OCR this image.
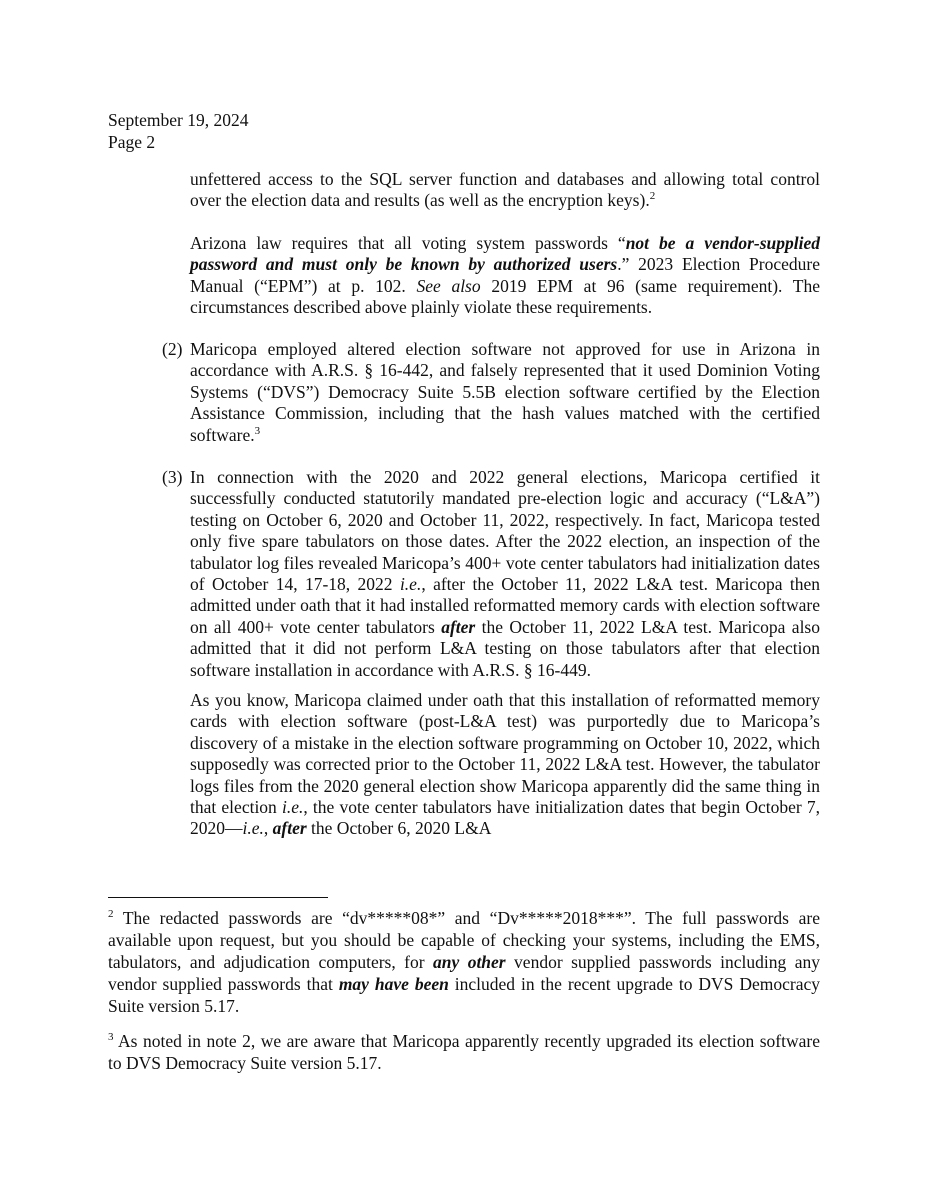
September 19, 2024
Page 2
unfettered access to the SQL server function and databases and allowing total control over the election data and results (as well as the encryption keys).$^2$
Arizona law requires that all voting system passwords “not be a vendor-supplied password and must only be known by authorized users.” 2023 Election Procedure Manual (“EPM”) at p. 102. See also 2019 EPM at 96 (same requirement). The circumstances described above plainly violate these requirements.
(2) Maricopa employed altered election software not approved for use in Arizona in accordance with A.R.S. § 16-442, and falsely represented that it used Dominion Voting Systems (“DVS”) Democracy Suite 5.5B election software certified by the Election Assistance Commission, including that the hash values matched with the certified software.$^3$
(3) In connection with the 2020 and 2022 general elections, Maricopa certified it successfully conducted statutorily mandated pre-election logic and accuracy (“L&A”) testing on October 6, 2020 and October 11, 2022, respectively. In fact, Maricopa tested only five spare tabulators on those dates. After the 2022 election, an inspection of the tabulator log files revealed Maricopa’s 400+ vote center tabulators had initialization dates of October 14, 17-18, 2022 i.e., after the October 11, 2022 L&A test. Maricopa then admitted under oath that it had installed reformatted memory cards with election software on all 400+ vote center tabulators after the October 11, 2022 L&A test. Maricopa also admitted that it did not perform L&A testing on those tabulators after that election software installation in accordance with A.R.S. § 16-449.
As you know, Maricopa claimed under oath that this installation of reformatted memory cards with election software (post-L&A test) was purportedly due to Maricopa’s discovery of a mistake in the election software programming on October 10, 2022, which supposedly was corrected prior to the October 11, 2022 L&A test. However, the tabulator logs files from the 2020 general election show Maricopa apparently did the same thing in that election i.e., the vote center tabulators have initialization dates that begin October 7, 2020—i.e., after the October 6, 2020 L&A
$^2$ The redacted passwords are “dv*****08*” and “Dv*****2018***”. The full passwords are available upon request, but you should be capable of checking your systems, including the EMS, tabulators, and adjudication computers, for any other vendor supplied passwords including any vendor supplied passwords that may have been included in the recent upgrade to DVS Democracy Suite version 5.17.
$^3$ As noted in note 2, we are aware that Maricopa apparently recently upgraded its election software to DVS Democracy Suite version 5.17.
